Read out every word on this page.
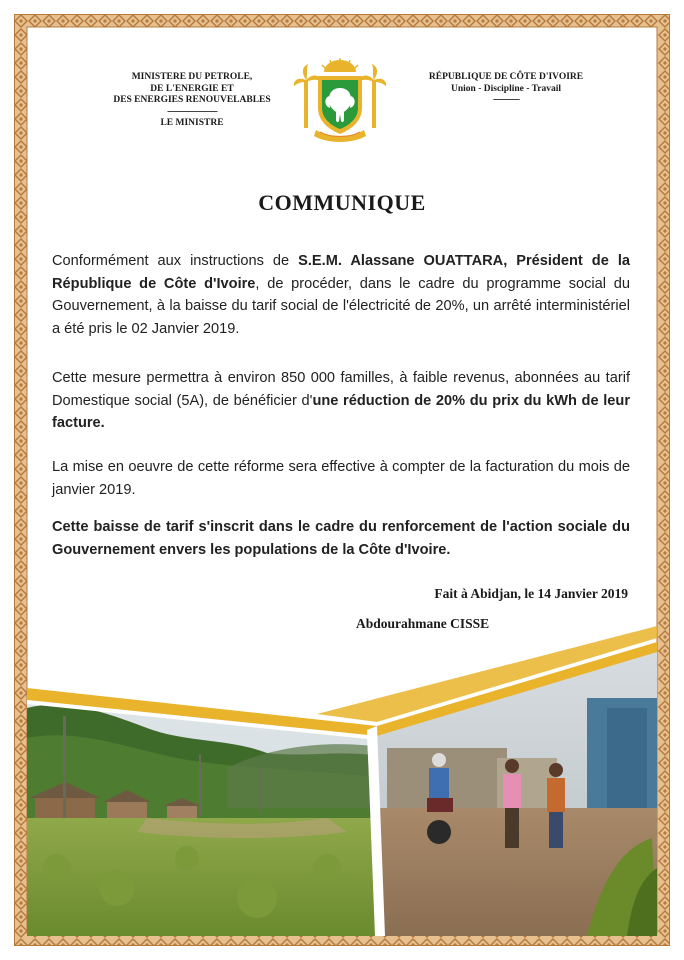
MINISTERE DU PETROLE,
DE L'ENERGIE ET
DES ENERGIES RENOUVELABLES
-----------------------
LE MINISTRE
RÉPUBLIQUE DE CÔTE D'IVOIRE
Union - Discipline - Travail
------------
COMMUNIQUE
Conformément aux instructions de S.E.M. Alassane OUATTARA, Président de la République de Côte d'Ivoire, de procéder, dans le cadre du programme social du Gouvernement, à la baisse du tarif social de l'électricité de 20%, un arrêté interministériel a été pris le 02 Janvier 2019.
Cette mesure permettra à environ 850 000 familles, à faible revenus, abonnées au tarif Domestique social (5A), de bénéficier d'une réduction de 20% du prix du kWh de leur facture.
La mise en oeuvre de cette réforme sera effective à compter de la facturation du mois de janvier 2019.
Cette baisse de tarif s'inscrit dans le cadre du renforcement de l'action sociale du Gouvernement envers les populations de la Côte d'Ivoire.
Fait à Abidjan, le 14 Janvier 2019
Abdourahmane CISSE
